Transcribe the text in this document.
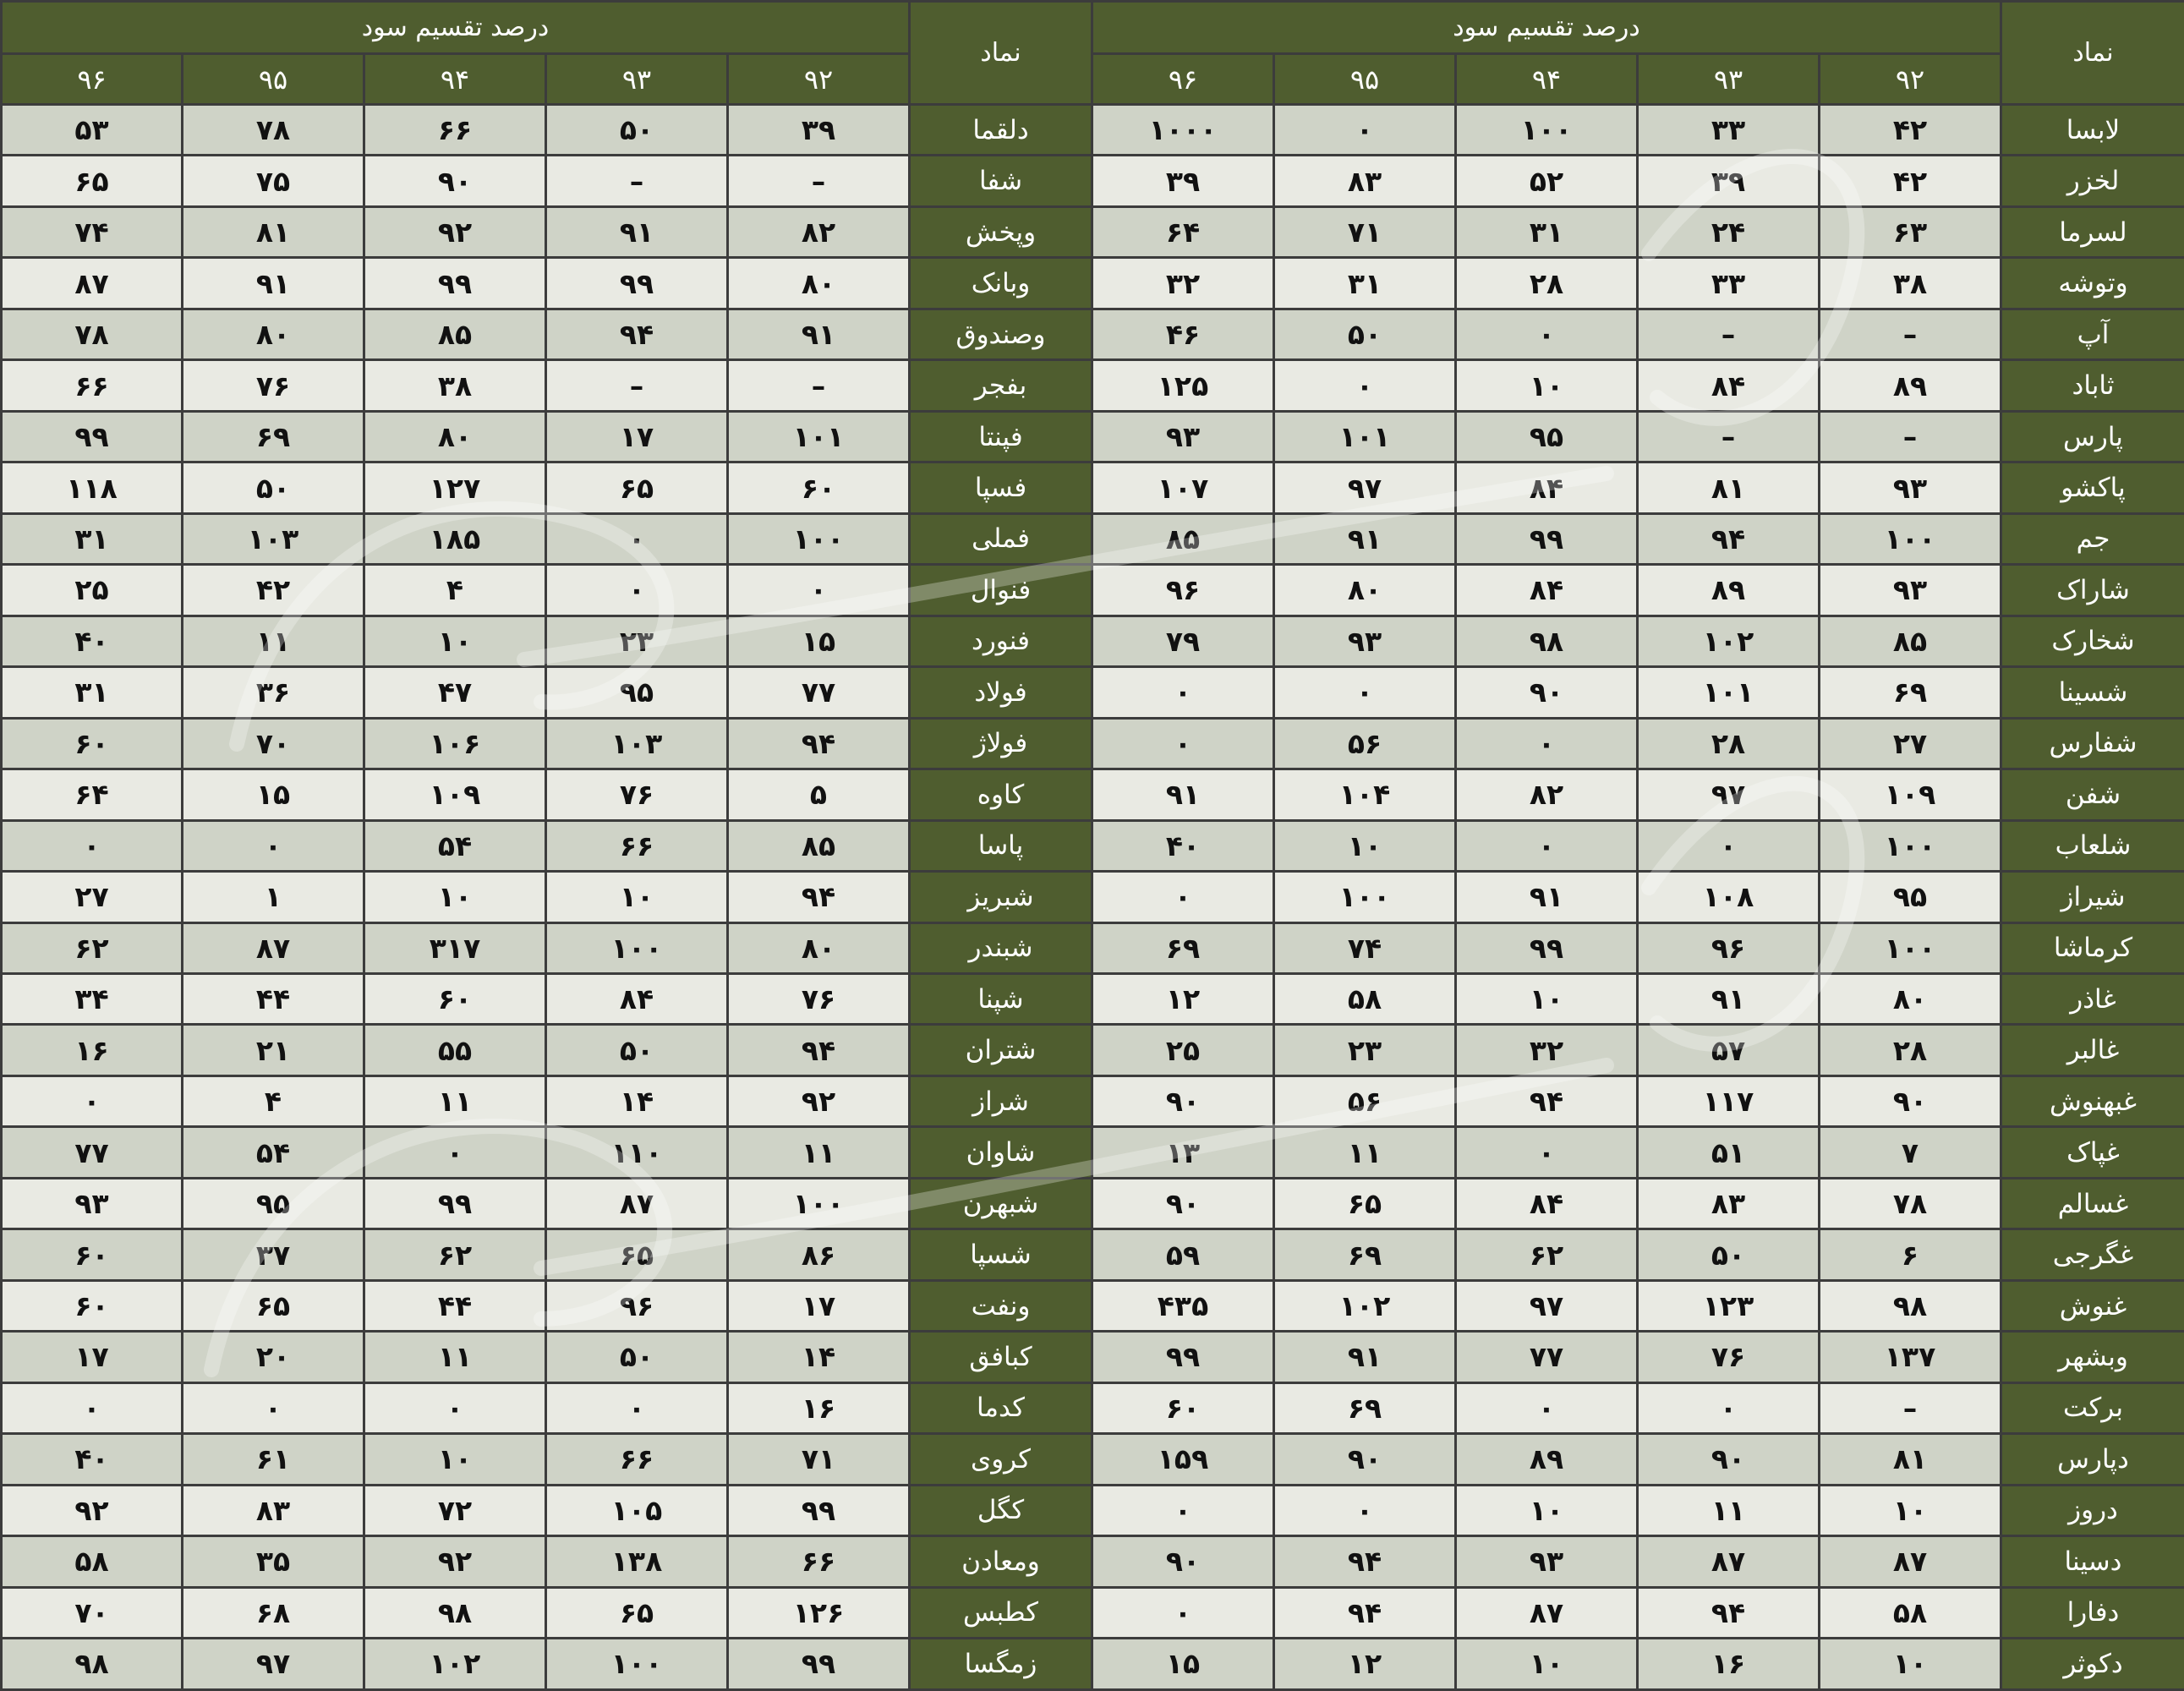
درصد تقسیم سود					نماد	درصد تقسیم سود					نماد
۹۶	۹۵	۹۴	۹۳	۹۲		۹۶	۹۵	۹۴	۹۳	۹۲	
۵۳	۷۸	۶۶	۵۰	۳۹	دلقما	۱۰۰۰	۰	۱۰۰	۳۳	۴۲	لابسا
۶۵	۷۵	۹۰	–	–	شفا	۳۹	۸۳	۵۲	۳۹	۴۲	لخزر
۷۴	۸۱	۹۲	۹۱	۸۲	وپخش	۶۴	۷۱	۳۱	۲۴	۶۳	لسرما
۸۷	۹۱	۹۹	۹۹	۸۰	وبانک	۳۲	۳۱	۲۸	۳۳	۳۸	وتوشه
۷۸	۸۰	۸۵	۹۴	۹۱	وصندوق	۴۶	۵۰	۰	–	–	آپ
۶۶	۷۶	۳۸	–	–	بفجر	۱۲۵	۰	۱۰	۸۴	۸۹	ثاباد
۹۹	۶۹	۸۰	۱۷	۱۰۱	فپنتا	۹۳	۱۰۱	۹۵	–	–	پارس
۱۱۸	۵۰	۱۲۷	۶۵	۶۰	فسپا	۱۰۷	۹۷	۸۴	۸۱	۹۳	پاکشو
۳۱	۱۰۳	۱۸۵	۰	۱۰۰	فملی	۸۵	۹۱	۹۹	۹۴	۱۰۰	جم
۲۵	۴۲	۴	۰	۰	فنوال	۹۶	۸۰	۸۴	۸۹	۹۳	شاراک
۴۰	۱۱	۱۰	۲۳	۱۵	فنورد	۷۹	۹۳	۹۸	۱۰۲	۸۵	شخارک
۳۱	۳۶	۴۷	۹۵	۷۷	فولاد	۰	۰	۹۰	۱۰۱	۶۹	شسینا
۶۰	۷۰	۱۰۶	۱۰۳	۹۴	فولاژ	۰	۵۶	۰	۲۸	۲۷	شفارس
۶۴	۱۵	۱۰۹	۷۶	۵	کاوه	۹۱	۱۰۴	۸۲	۹۷	۱۰۹	شفن
۰	۰	۵۴	۶۶	۸۵	پاسا	۴۰	۱۰	۰	۰	۱۰۰	شلعاب
۲۷	۱	۱۰	۱۰	۹۴	شبریز	۰	۱۰۰	۹۱	۱۰۸	۹۵	شیراز
۶۲	۸۷	۳۱۷	۱۰۰	۸۰	شبندر	۶۹	۷۴	۹۹	۹۶	۱۰۰	کرماشا
۳۴	۴۴	۶۰	۸۴	۷۶	شپنا	۱۲	۵۸	۱۰	۹۱	۸۰	غاذر
۱۶	۲۱	۵۵	۵۰	۹۴	شتران	۲۵	۲۳	۳۲	۵۷	۲۸	غالبر
۰	۴	۱۱	۱۴	۹۲	شراز	۹۰	۵۶	۹۴	۱۱۷	۹۰	غبهنوش
۷۷	۵۴	۰	۱۱۰	۱۱	شاوان	۱۳	۱۱	۰	۵۱	۷	غپاک
۹۳	۹۵	۹۹	۸۷	۱۰۰	شبهرن	۹۰	۶۵	۸۴	۸۳	۷۸	غسالم
۶۰	۳۷	۶۲	۶۵	۸۶	شسپا	۵۹	۶۹	۶۲	۵۰	۶	غگرجی
۶۰	۶۵	۴۴	۹۶	۱۷	ونفت	۴۳۵	۱۰۲	۹۷	۱۲۳	۹۸	غنوش
۱۷	۲۰	۱۱	۵۰	۱۴	کبافق	۹۹	۹۱	۷۷	۷۶	۱۳۷	وبشهر
۰	۰	۰	۰	۱۶	کدما	۶۰	۶۹	۰	۰	–	برکت
۴۰	۶۱	۱۰	۶۶	۷۱	کروی	۱۵۹	۹۰	۸۹	۹۰	۸۱	دپارس
۹۲	۸۳	۷۲	۱۰۵	۹۹	کگل	۰	۰	۱۰	۱۱	۱۰	دروز
۵۸	۳۵	۹۲	۱۳۸	۶۶	ومعادن	۹۰	۹۴	۹۳	۸۷	۸۷	دسینا
۷۰	۶۸	۹۸	۶۵	۱۲۶	کطبس	۰	۹۴	۸۷	۹۴	۵۸	دفارا
۹۸	۹۷	۱۰۲	۱۰۰	۹۹	زمگسا	۱۵	۱۲	۱۰	۱۶	۱۰	دکوثر
